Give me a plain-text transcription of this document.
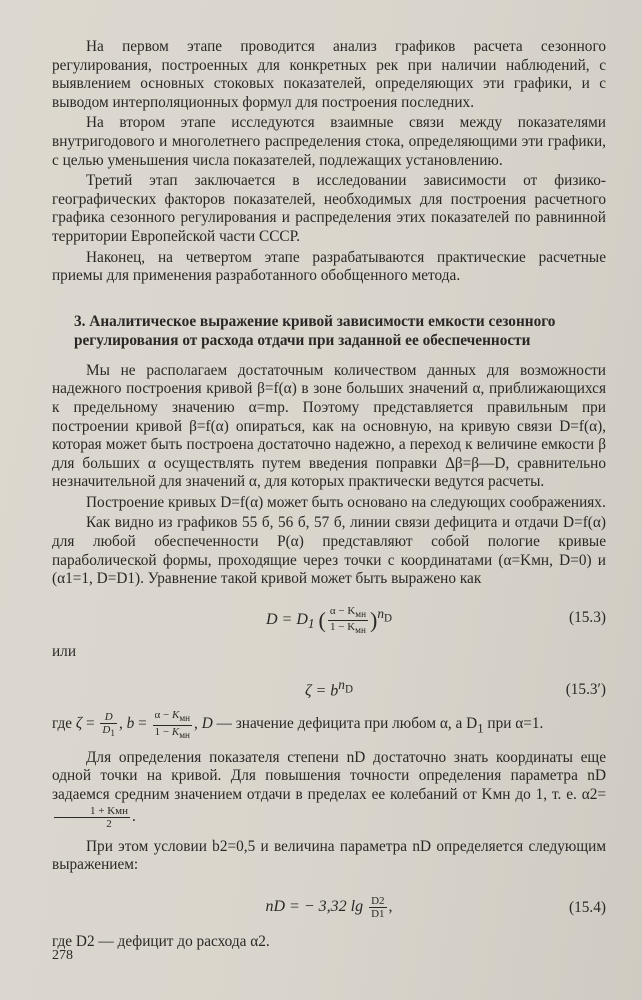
На первом этапе проводится анализ графиков расчета сезонного регулирования, построенных для конкретных рек при наличии наблюдений, с выявлением основных стоковых показателей, определяющих эти графики, и с выводом интерполяционных формул для построения последних.

На втором этапе исследуются взаимные связи между показателями внутригодового и многолетнего распределения стока, определяющими эти графики, с целью уменьшения числа показателей, подлежащих установлению.

Третий этап заключается в исследовании зависимости от физико-географических факторов показателей, необходимых для построения расчетного графика сезонного регулирования и распределения этих показателей по равнинной территории Европейской части СССР.

Наконец, на четвертом этапе разрабатываются практические расчетные приемы для применения разработанного обобщенного метода.

3. Аналитическое выражение кривой зависимости емкости сезонного

регулирования от расхода отдачи при заданной ее обеспеченности

Мы не располагаем достаточным количеством данных для возможности надежного построения кривой β=f(α) в зоне больших значений α, приближающихся к предельному значению α=mp. Поэтому представляется правильным при построении кривой β=f(α) опираться, как на основную, на кривую связи D=f(α), которая может быть построена достаточно надежно, а переход к величине емкости β для больших α осуществлять путем введения поправки Δβ=β—D, сравнительно незначительной для значений α, для которых практически ведутся расчеты.

Построение кривых D=f(α) может быть основано на следующих соображениях.

Как видно из графиков 55 б, 56 б, 57 б, линии связи дефицита и отдачи D=f(α) для любой обеспеченности P(α) представляют собой пологие кривые параболической формы, проходящие через точки с координатами (α=Kмн, D=0) и (α1=1, D=D1). Уравнение такой кривой может быть выражено как

$D = D_1$ ( $\frac{\alpha - K_{мн}}{1 - K_{мн}} )^{n_D}$	(15.3)

или

$\zeta = b^{n_D}$	(15.3′)

где $\zeta = \frac{D}{D_1}$ , $b = \frac{\alpha - K_{мн}}{1 - K_{мн}}$ , D — значение дефицита при любом α, а $D_1$ при α=1.

Для определения показателя степени nD достаточно знать координаты еще одной точки на кривой. Для повышения точности определения параметра nD задаемся средним значением отдачи в пределах ее колебаний от Kмн до 1, т. е. α2=
$\frac{\text{1 + Kмн}}{2}$ .

При этом условии b2=0,5 и величина параметра nD определяется следующим выражением:

nD = − 3,32 $\lg \frac{D2}{D1}$ ,	(15.4)

где D2 — дефицит до расхода α2.

278
